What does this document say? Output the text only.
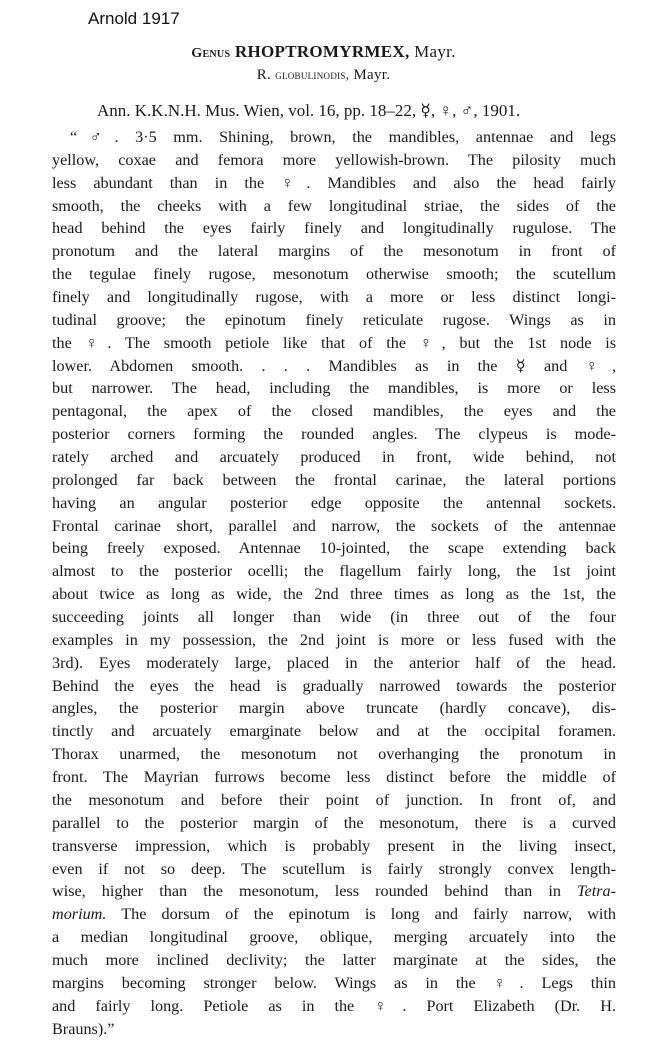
Arnold 1917
Genus RHOPTROMYRMEX, Mayr.
R. globulinodis, Mayr.
Ann. K.K.N.H. Mus. Wien, vol. 16, pp. 18–22, ☿, ♀, ♂, 1901.
“♂. 3·5 mm. Shining, brown, the mandibles, antennae and legs
yellow, coxae and femora more yellowish-brown. The pilosity much
less abundant than in the ♀. Mandibles and also the head fairly
smooth, the cheeks with a few longitudinal striae, the sides of the
head behind the eyes fairly finely and longitudinally rugulose. The
pronotum and the lateral margins of the mesonotum in front of
the tegulae finely rugose, mesonotum otherwise smooth; the scutellum
finely and longitudinally rugose, with a more or less distinct longi-
tudinal groove; the epinotum finely reticulate rugose. Wings as in
the ♀. The smooth petiole like that of the ♀, but the 1st node is
lower. Abdomen smooth. . . . Mandibles as in the ☿ and ♀,
but narrower. The head, including the mandibles, is more or less
pentagonal, the apex of the closed mandibles, the eyes and the
posterior corners forming the rounded angles. The clypeus is mode-
rately arched and arcuately produced in front, wide behind, not
prolonged far back between the frontal carinae, the lateral portions
having an angular posterior edge opposite the antennal sockets.
Frontal carinae short, parallel and narrow, the sockets of the antennae
being freely exposed. Antennae 10-jointed, the scape extending back
almost to the posterior ocelli; the flagellum fairly long, the 1st joint
about twice as long as wide, the 2nd three times as long as the 1st, the
succeeding joints all longer than wide (in three out of the four
examples in my possession, the 2nd joint is more or less fused with the
3rd). Eyes moderately large, placed in the anterior half of the head.
Behind the eyes the head is gradually narrowed towards the posterior
angles, the posterior margin above truncate (hardly concave), dis-
tinctly and arcuately emarginate below and at the occipital foramen.
Thorax unarmed, the mesonotum not overhanging the pronotum in
front. The Mayrian furrows become less distinct before the middle of
the mesonotum and before their point of junction. In front of, and
parallel to the posterior margin of the mesonotum, there is a curved
transverse impression, which is probably present in the living insect,
even if not so deep. The scutellum is fairly strongly convex length-
wise, higher than the mesonotum, less rounded behind than in Tetra-
morium. The dorsum of the epinotum is long and fairly narrow, with
a median longitudinal groove, oblique, merging arcuately into the
much more inclined declivity; the latter marginate at the sides, the
margins becoming stronger below. Wings as in the ♀. Legs thin
and fairly long. Petiole as in the ♀. Port Elizabeth (Dr. H.
Brauns).”
